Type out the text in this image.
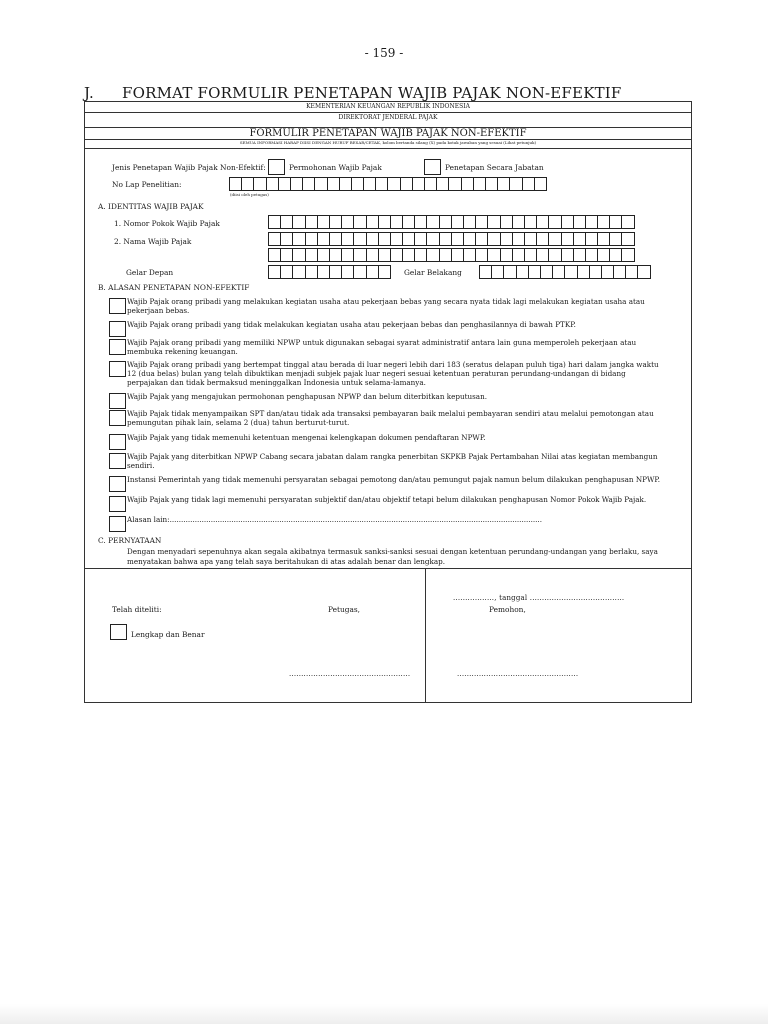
- 159 -
J. FORMAT FORMULIR PENETAPAN WAJIB PAJAK NON-EFEKTIF
KEMENTERIAN KEUANGAN REPUBLIK INDONESIA
DIREKTORAT JENDERAL PAJAK
FORMULIR PENETAPAN WAJIB PAJAK NON-EFEKTIF
SEMUA INFORMASI HARAP DIISI DENGAN HURUF BESAR/CETAK, kolom bertanda silang (X) pada kotak jawaban yang sesuai (Lihat petunjuk)
Jenis Penetapan Wajib Pajak Non-Efektif:	Permohonan Wajib Pajak	Penetapan Secara Jabatan
No Lap Penelitian:
(diisi oleh petugas)
A. IDENTITAS WAJIB PAJAK
1. Nomor Pokok Wajib Pajak
2. Nama Wajib Pajak
Gelar Depan	Gelar Belakang
B. ALASAN PENETAPAN NON-EFEKTIF
Wajib Pajak orang pribadi yang melakukan kegiatan usaha atau pekerjaan bebas yang secara nyata tidak lagi melakukan kegiatan usaha atau pekerjaan bebas.
Wajib Pajak orang pribadi yang tidak melakukan kegiatan usaha atau pekerjaan bebas dan penghasilannya di bawah PTKP.
Wajib Pajak orang pribadi yang memiliki NPWP untuk digunakan sebagai syarat administratif antara lain guna memperoleh pekerjaan atau membuka rekening keuangan.
Wajib Pajak orang pribadi yang bertempat tinggal atau berada di luar negeri lebih dari 183 (seratus delapan puluh tiga) hari dalam jangka waktu 12 (dua belas) bulan yang telah dibuktikan menjadi subjek pajak luar negeri sesuai ketentuan peraturan perundang-undangan di bidang perpajakan dan tidak bermaksud meninggalkan Indonesia untuk selama-lamanya.
Wajib Pajak yang mengajukan permohonan penghapusan NPWP dan belum diterbitkan keputusan.
Wajib Pajak tidak menyampaikan SPT dan/atau tidak ada transaksi pembayaran baik melalui pembayaran sendiri atau melalui pemotongan atau pemungutan pihak lain, selama 2 (dua) tahun berturut-turut.
Wajib Pajak yang tidak memenuhi ketentuan mengenai kelengkapan dokumen pendaftaran NPWP.
Wajib Pajak yang diterbitkan NPWP Cabang secara jabatan dalam rangka penerbitan SKPKB Pajak Pertambahan Nilai atas kegiatan membangun sendiri.
Instansi Pemerintah yang tidak memenuhi persyaratan sebagai pemotong dan/atau pemungut pajak namun belum dilakukan penghapusan NPWP.
Wajib Pajak yang tidak lagi memenuhi persyaratan subjektif dan/atau objektif tetapi belum dilakukan penghapusan Nomor Pokok Wajib Pajak.
Alasan lain:...................................................................................................................................................................
C. PERNYATAAN
Dengan menyadari sepenuhnya akan segala akibatnya termasuk sanksi-sanksi sesuai dengan ketentuan perundang-undangan yang berlaku, saya menyatakan bahwa apa yang telah saya beritahukan di atas adalah benar dan lengkap.
................., tanggal .......................................
Telah diteliti:	Petugas,	Pemohon,
Lengkap dan Benar
..................................................	..................................................
